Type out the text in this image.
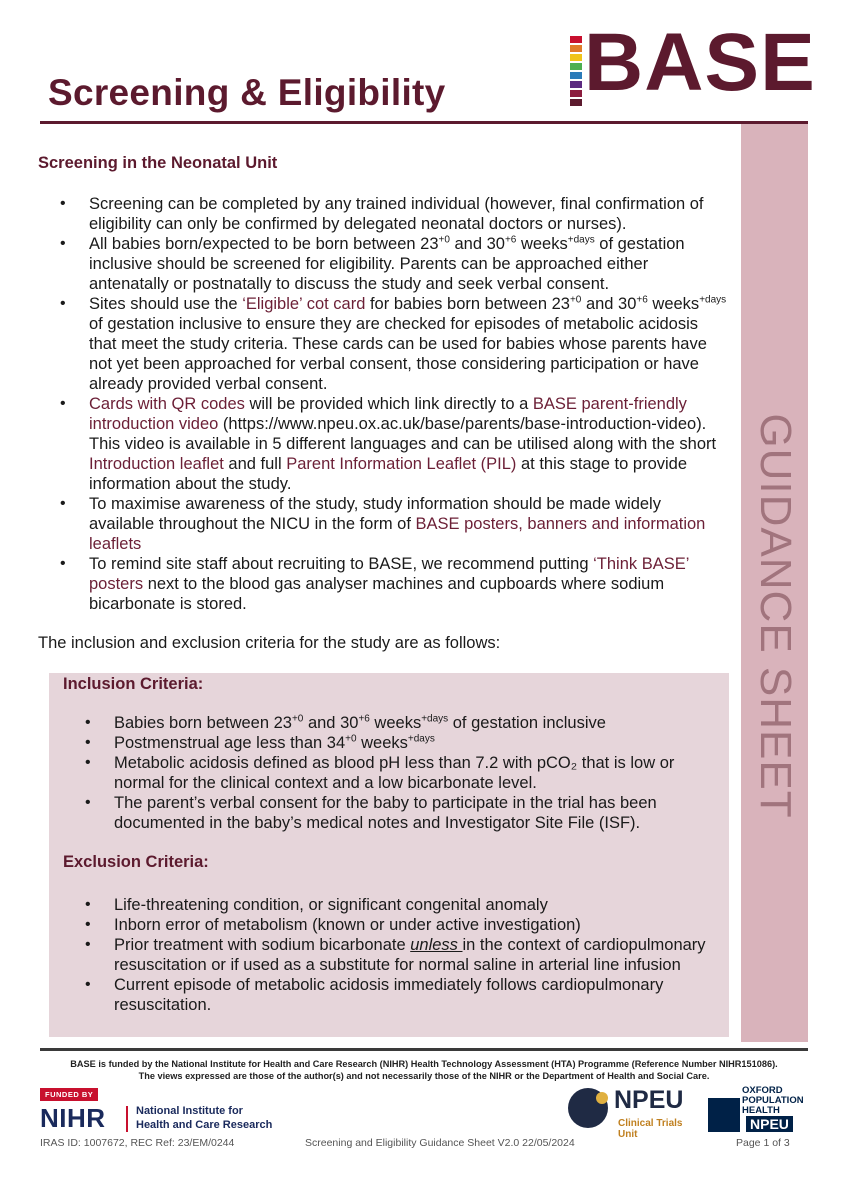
Screening & Eligibility BASE
GUIDANCE SHEET
Screening in the Neonatal Unit
• Screening can be completed by any trained individual (however, final confirmation of eligibility can only be confirmed by delegated neonatal doctors or nurses).
• All babies born/expected to be born between $23^{+0}$ and $30^{+6}$ weeks$^{+days}$ of gestation inclusive should be screened for eligibility. Parents can be approached either antenatally or postnatally to discuss the study and seek verbal consent.
• Sites should use the ‘Eligible’ cot card for babies born between $23^{+0}$ and $30^{+6}$ weeks$^{+days}$ of gestation inclusive to ensure they are checked for episodes of metabolic acidosis that meet the study criteria. These cards can be used for babies whose parents have not yet been approached for verbal consent, those considering participation or have already provided verbal consent.
• Cards with QR codes will be provided which link directly to a BASE parent-friendly introduction video (https://www.npeu.ox.ac.uk/base/parents/base-introduction-video). This video is available in 5 different languages and can be utilised along with the short Introduction leaflet and full Parent Information Leaflet (PIL) at this stage to provide information about the study.
• To maximise awareness of the study, study information should be made widely available throughout the NICU in the form of BASE posters, banners and information leaflets
• To remind site staff about recruiting to BASE, we recommend putting ‘Think BASE’ posters next to the blood gas analyser machines and cupboards where sodium bicarbonate is stored.
The inclusion and exclusion criteria for the study are as follows:
Inclusion Criteria:
• Babies born between $23^{+0}$ and $30^{+6}$ weeks$^{+days}$ of gestation inclusive
• Postmenstrual age less than $34^{+0}$ weeks$^{+days}$
• Metabolic acidosis defined as blood pH less than 7.2 with pCO₂ that is low or normal for the clinical context and a low bicarbonate level.
• The parent’s verbal consent for the baby to participate in the trial has been documented in the baby’s medical notes and Investigator Site File (ISF).
Exclusion Criteria:
• Life-threatening condition, or significant congenital anomaly
• Inborn error of metabolism (known or under active investigation)
• Prior treatment with sodium bicarbonate unless in the context of cardiopulmonary resuscitation or if used as a substitute for normal saline in arterial line infusion
• Current episode of metabolic acidosis immediately follows cardiopulmonary resuscitation.
BASE is funded by the National Institute for Health and Care Research (NIHR) Health Technology Assessment (HTA) Programme (Reference Number NIHR151086).
The views expressed are those of the author(s) and not necessarily those of the NIHR or the Department of Health and Social Care.
FUNDED BY
NIHR	National Institute for
Health and Care Research
NPEU
Clinical Trials Unit
OXFORD
POPULATION
HEALTH
NPEU
IRAS ID: 1007672, REC Ref: 23/EM/0244	Screening and Eligibility Guidance Sheet V2.0 22/05/2024	Page 1 of 3
